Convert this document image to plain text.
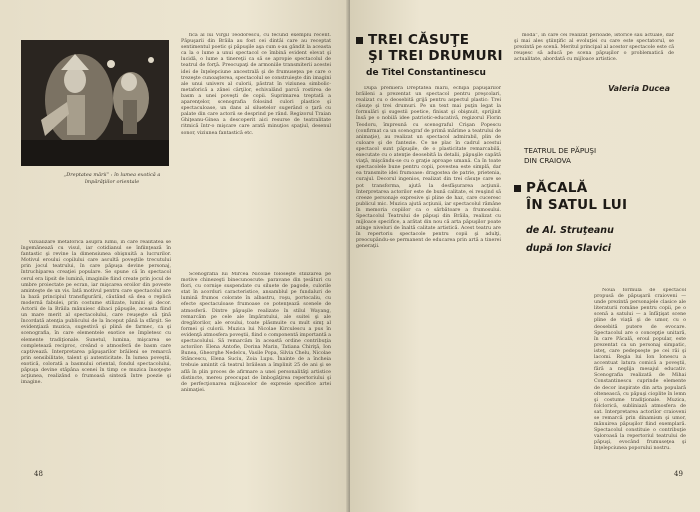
„Dreptatea mării” : în lumea exotică a împărăţiilor orientale

fica al lui Virgil Teodorescu, cu fecund exemplu recent. Păpuşarii din Brăila au fost cei dintâi care au receptat sentimentul poetic şi păpuşile aşa cum s-au gândit la aceasta ca la o lume a unui spectacol ce îmbină evident elevat şi lucidă, o lume a tinereţii ca să se apropie spectacolul de teatrul de forţă. Preocupaţi de armoniile transmiterii acestei idei de înţelepciune ancestrală şi de frumuseţea pe care o trezeşte cunoaşterea, spectacolul se construieşte din imagini ale unui univers al culorii, păstrat în viziunea simbolic-metaforică a zânei cărţilor, echivalând parcă rostirea de basm a unei poveşti de copii. Suprimarea treptată a aparenţelor, scenografia folosind culori plastice şi spectaculoase, un dans al siluetelor sugerând o ţară cu palate din care actorii se desprind pe rând. Regizorul Traian Ghiţeanu-Ginea a descoperit aici resurse de teatralitate ritmică într-o mişcare care arată minuţios spaţiul, desenul sonor, viziunea fantastică etc.

vizualizare metaforică asupra lumii, în care realitatea se îngemănează cu visul, iar cotidianul se înfiinţează în fantastic şi revine la dimensiunea obişnuită a lucrurilor. Motivul eroului copilului care ascultă poveştile trecutului prin jocul teatrului, în care păpuşa devine personaj, întruchiparea creaţiei populare. Se spune că în spectacol cerul era lipsit de lumină, imaginile fiind create prin jocul de umbre proiectate pe ecran, iar mişcarea eroilor din poveste aminteşte de un vis. Iată motivul pentru care spectacolul are la bază principiul transfigurării, căutând să dea o replică modernă fabulei, prin costume stilizate, lumini şi decor. Actorii de la Brăila mânuiesc dibaci păpuşile, aceasta fiind un mare merit al spectacolului, care reuşeşte să ţină încordată atenţia publicului de la început până la sfârşit. Se evidenţiază muzica, sugestivă şi plină de farmec, ca şi scenografia, în care elementele exotice se împletesc cu elemente tradiţionale. Sunetul, lumina, mişcarea se completează reciproc, creând o atmosferă de basm care captivează. Interpretarea păpuşarilor brăileni se remarcă prin sensibilitate, talent şi autenticitate. În lumea poveştii, exotică, colorată a basmului oriental, fondul spectacolului, păpuşa devine stăpâna scenei în timp ce muzica însoţeşte acţiunea, realizând o frumoasă sinteză între poezie şi imagine.

Scenografia lui Mircea Nicolae foloseşte stilizarea pe motive chinezeşti binecunoscute: paravane din ţesături cu flori, cu cornişe suspendate cu siluete de pagode, culorile stat în acorduri caracteristice, ansamblul pe fundaluri de lumină frumos colorate în albastru, roşu, portocaliu, cu efecte spectaculoase frumoase ce potenţează scenele de atmosferă. Dintre păpuşile realizate în stilul Wayang, remarcăm pe cele ale împăratului, ale suitei şi ale dregătorilor, ale eroului, toate plăsmuite cu mult simţ al formei şi culorii. Muzica lui Nicolae Kirculescu a pus în evidenţă atmosfera poveştii, fiind o componentă importantă a spectacolului. Să remarcăm în această ordine contribuţia actorilor: Elena Antofie, Dorina Marin, Tatiana Chiriţă, Ion Bunea, Gheorghe Nedelcu, Vasile Popa, Silvia Chelu, Nicolae Stăncescu, Elena Suciu, Zoia Lupu. Înainte de a încheia trebuie amintit că teatrul brăilean a împlinit 25 de ani şi se află în plin proces de afirmare a unei personalităţi artistice distincte, mereu preocupat de îmbogăţirea repertoriului şi de perfecţionarea mijloacelor de expresie specifice artei animaţiei.

48
TREI CĂSUŢE
ŞI TREI DRUMURI
de Titel Constantinescu

După premiera Dreptatea mării, echipa păpuşarilor brăileni a prezentat un spectacol pentru preşcolari, realizat cu o deosebită grijă pentru aspectul plastic: Trei căsuţe şi trei drumuri. Pe un text mai puţin legat la formulări şi sugestii poetice, finisat şi obişnuit, sprijinit însă pe o nobilă idee patriotic-educativă, regizorul Florin Teodoru, împreună cu scenograful Crişan Popescu (confirmat ca un scenograf de primă mărime a teatrului de animaţie), au realizat un spectacol admirabil, plin de culoare şi de fantezie. Ce ne plac în cadrul acestui spectacol sunt păpuşile, de o plasticitate remarcabilă, executate cu o atenţie deosebită la detalii, păpuşile capătă viaţă, mişcându-se cu o graţie aproape umană. Ca în toate spectacolele bune pentru copii, povestea este simplă, dar ea transmite idei frumoase: dragostea de patrie, prietenia, curajul. Decorul ingenios, realizat din trei căsuţe care se pot transforma, ajută la desfăşurarea acţiunii. Interpretarea actorilor este de bună calitate, ei reuşind să creeze personaje expresive şi pline de haz, care cuceresc publicul mic. Muzica ajută acţiunii, iar spectacolul rămâne în memoria copiilor ca o sărbătoare a frumosului. Spectacolul Teatrului de păpuşi din Brăila, realizat cu mijloace specifice, a arătat din nou că arta păpuşilor poate atinge niveluri de înaltă calitate artistică. Acest teatru are în repertoriu spectacole pentru copii şi adulţi, preocupându-se permanent de educarea prin artă a tinerei generaţii.

modă”, în care cei realizat perioade, istorice sau actuale, dar şi mai ales ştiinţific al evoluţiei cu care este spectatorul, se prezintă pe scenă. Meritul principal al acestor spectacole este că reuşesc să aducă pe scena păpuşilor o problematică de actualitate, abordată cu mijloace artistice.

Valeria Ducea
TEATRUL DE PĂPUŞI
DIN CRAIOVA
PĂCALĂ
ÎN SATUL LUI
de Al. Struţeanu
după Ion Slavici

Noua formulă de spectacol propusă de păpuşarii craioveni — unde prezintă personajele clasice ale literaturii române pentru copii, pe o scenă a satului — a înfăţişat scene pline de viaţă şi de umor, cu o deosebită putere de evocare. Spectacolul are o concepţie unitară, în care Păcală, eroul popular, este prezentat ca un personaj simpatic, isteţ, care pedepseşte pe cei răi şi lacomi. Regia lui Ion Ionescu a accentuat latura comică a poveştii, fără a neglija mesajul educativ. Scenografia realizată de Mihai Constantinescu cuprinde elemente de decor inspirate din arta populară oltenească, cu păpuşi cioplite în lemn şi costume tradiţionale. Muzica, folclorică, subliniază atmosfera de sat. Interpretarea actorilor craioveni se remarcă prin dinamism şi umor, mânuirea păpuşilor fiind exemplară. Spectacolul constituie o contribuţie valoroasă la repertoriul teatrului de păpuşi, evocând frumuseţea şi înţelepciunea poporului nostru.

49
